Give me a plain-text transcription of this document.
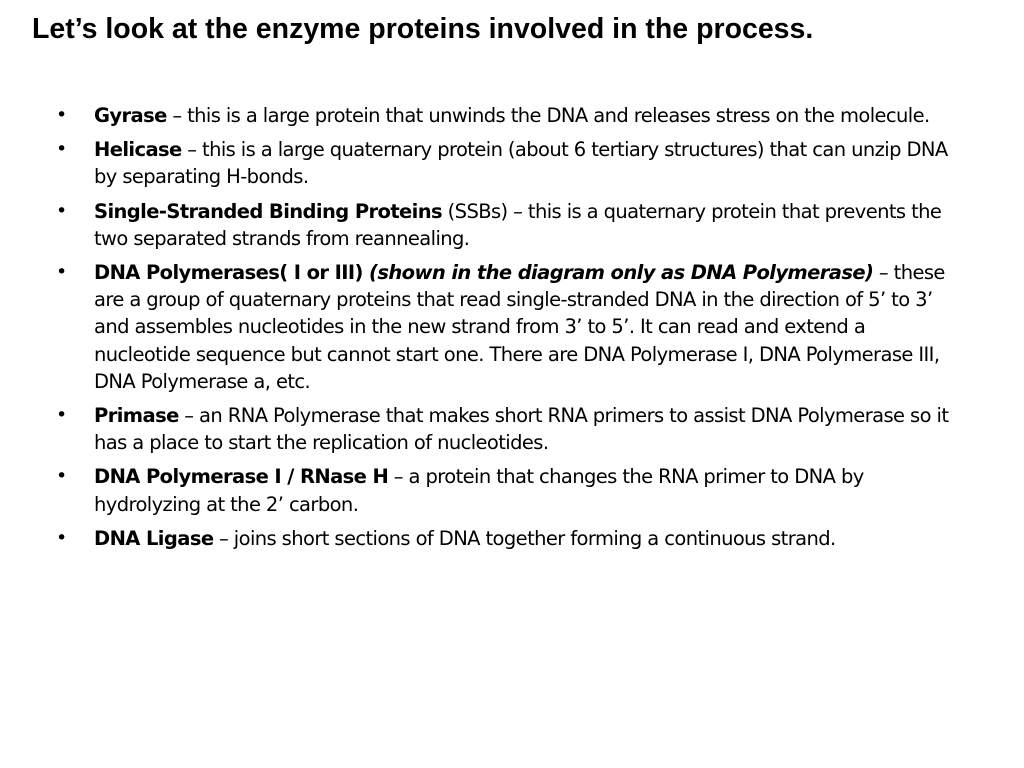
Let’s look at the enzyme proteins involved in the process.
• Gyrase – this is a large protein that unwinds the DNA and releases stress on the molecule.
• Helicase – this is a large quaternary protein (about 6 tertiary structures) that can unzip DNA by separating H-bonds.
• Single-Stranded Binding Proteins (SSBs) – this is a quaternary protein that prevents the two separated strands from reannealing.
• DNA Polymerases( I or III) (shown in the diagram only as DNA Polymerase) – these are a group of quaternary proteins that read single-stranded DNA in the direction of 5’ to 3’ and assembles nucleotides in the new strand from 3’ to 5’. It can read and extend a nucleotide sequence but cannot start one. There are DNA Polymerase I, DNA Polymerase III, DNA Polymerase a, etc.
• Primase – an RNA Polymerase that makes short RNA primers to assist DNA Polymerase so it has a place to start the replication of nucleotides.
• DNA Polymerase I / RNase H – a protein that changes the RNA primer to DNA by hydrolyzing at the 2’ carbon.
• DNA Ligase – joins short sections of DNA together forming a continuous strand.
